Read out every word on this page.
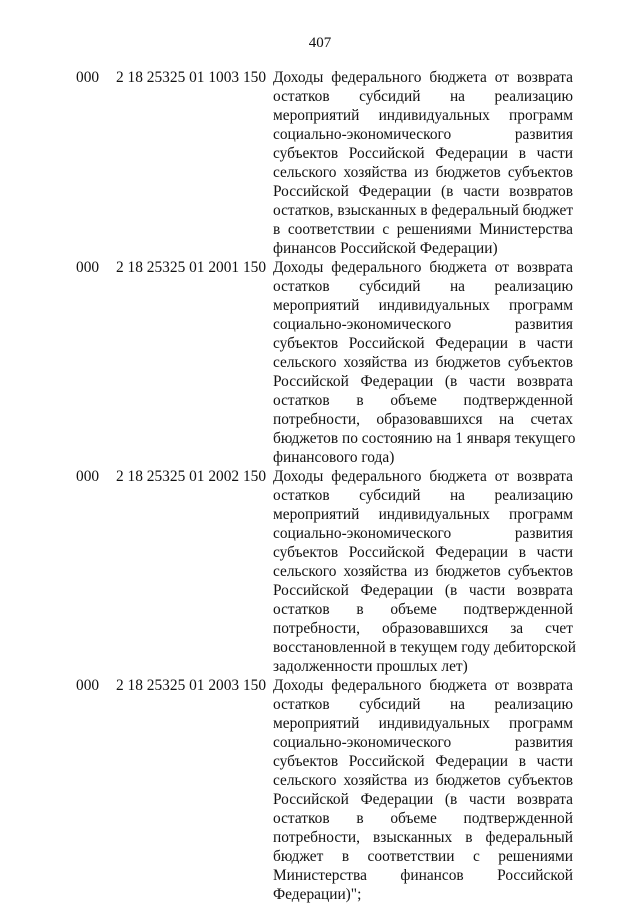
407
000 2 18 25325 01 1003 150 Доходы федерального бюджета от возврата
остатков субсидий на реализацию
мероприятий индивидуальных программ
социально-экономического развития
субъектов Российской Федерации в части
сельского хозяйства из бюджетов субъектов
Российской Федерации (в части возвратов
остатков, взысканных в федеральный бюджет
в соответствии с решениями Министерства
финансов Российской Федерации)
000 2 18 25325 01 2001 150 Доходы федерального бюджета от возврата
остатков субсидий на реализацию
мероприятий индивидуальных программ
социально-экономического развития
субъектов Российской Федерации в части
сельского хозяйства из бюджетов субъектов
Российской Федерации (в части возврата
остатков в объеме подтвержденной
потребности, образовавшихся на счетах
бюджетов по состоянию на 1 января текущего
финансового года)
000 2 18 25325 01 2002 150 Доходы федерального бюджета от возврата
остатков субсидий на реализацию
мероприятий индивидуальных программ
социально-экономического развития
субъектов Российской Федерации в части
сельского хозяйства из бюджетов субъектов
Российской Федерации (в части возврата
остатков в объеме подтвержденной
потребности, образовавшихся за счет
восстановленной в текущем году дебиторской
задолженности прошлых лет)
000 2 18 25325 01 2003 150 Доходы федерального бюджета от возврата
остатков субсидий на реализацию
мероприятий индивидуальных программ
социально-экономического развития
субъектов Российской Федерации в части
сельского хозяйства из бюджетов субъектов
Российской Федерации (в части возврата
остатков в объеме подтвержденной
потребности, взысканных в федеральный
бюджет в соответствии с решениями
Министерства финансов Российской
Федерации)";
